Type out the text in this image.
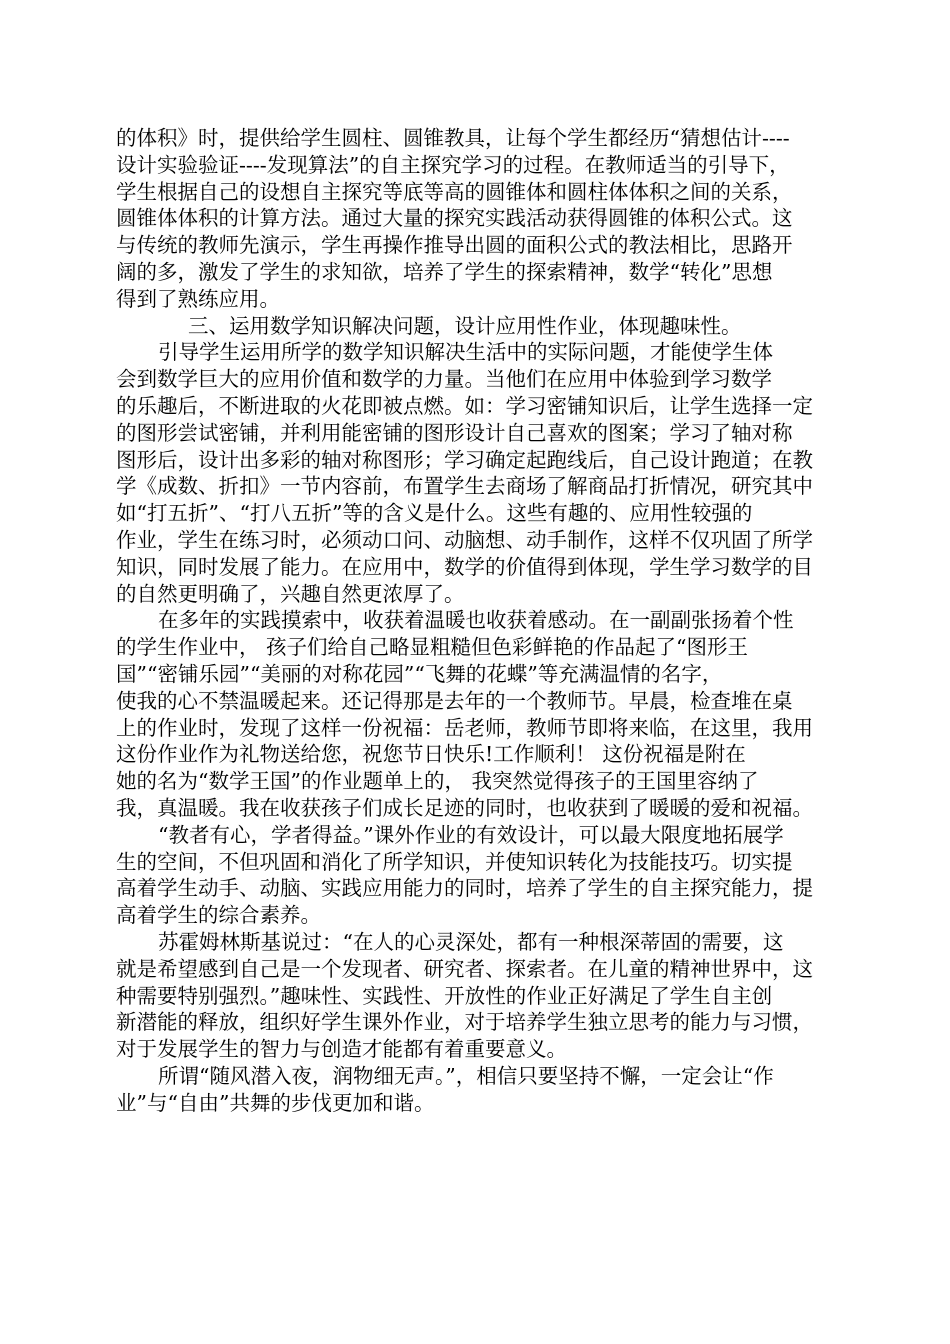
的体积》时，提供给学生圆柱、圆锥教具，让每个学生都经历“猜想估计----
设计实验验证----发现算法”的自主探究学习的过程。在教师适当的引导下，
学生根据自己的设想自主探究等底等高的圆锥体和圆柱体体积之间的关系，
圆锥体体积的计算方法。通过大量的探究实践活动获得圆锥的体积公式。这
与传统的教师先演示，学生再操作推导出圆的面积公式的教法相比，思路开
阔的多，激发了学生的求知欲，培养了学生的探索精神，数学“转化”思想
得到了熟练应用。
三、运用数学知识解决问题，设计应用性作业，体现趣味性。
引导学生运用所学的数学知识解决生活中的实际问题，才能使学生体
会到数学巨大的应用价值和数学的力量。当他们在应用中体验到学习数学
的乐趣后，不断进取的火花即被点燃。如：学习密铺知识后，让学生选择一定
的图形尝试密铺，并利用能密铺的图形设计自己喜欢的图案；学习了轴对称
图形后，设计出多彩的轴对称图形；学习确定起跑线后，自己设计跑道；在教
学《成数、折扣》一节内容前，布置学生去商场了解商品打折情况，研究其中
如“打五折”、“打八五折”等的含义是什么。这些有趣的、应用性较强的
作业，学生在练习时，必须动口问、动脑想、动手制作，这样不仅巩固了所学
知识，同时发展了能力。在应用中，数学的价值得到体现，学生学习数学的目
的自然更明确了，兴趣自然更浓厚了。
在多年的实践摸索中，收获着温暖也收获着感动。在一副副张扬着个性
的学生作业中， 孩子们给自己略显粗糙但色彩鲜艳的作品起了“图形王
国”“密铺乐园”“美丽的对称花园”“飞舞的花蝶”等充满温情的名字，
使我的心不禁温暖起来。还记得那是去年的一个教师节。早晨，检查堆在桌
上的作业时，发现了这样一份祝福：岳老师，教师节即将来临，在这里，我用
这份作业作为礼物送给您，祝您节日快乐!工作顺利！ 这份祝福是附在
她的名为“数学王国”的作业题单上的， 我突然觉得孩子的王国里容纳了
我，真温暖。我在收获孩子们成长足迹的同时，也收获到了暖暖的爱和祝福。
“教者有心，学者得益。”课外作业的有效设计，可以最大限度地拓展学
生的空间，不但巩固和消化了所学知识，并使知识转化为技能技巧。切实提
高着学生动手、动脑、实践应用能力的同时，培养了学生的自主探究能力，提
高着学生的综合素养。
苏霍姆林斯基说过：“在人的心灵深处，都有一种根深蒂固的需要，这
就是希望感到自己是一个发现者、研究者、探索者。在儿童的精神世界中，这
种需要特别强烈。”趣味性、实践性、开放性的作业正好满足了学生自主创
新潜能的释放，组织好学生课外作业，对于培养学生独立思考的能力与习惯，
对于发展学生的智力与创造才能都有着重要意义。
所谓“随风潜入夜，润物细无声。”，相信只要坚持不懈，一定会让“作
业”与“自由”共舞的步伐更加和谐。
